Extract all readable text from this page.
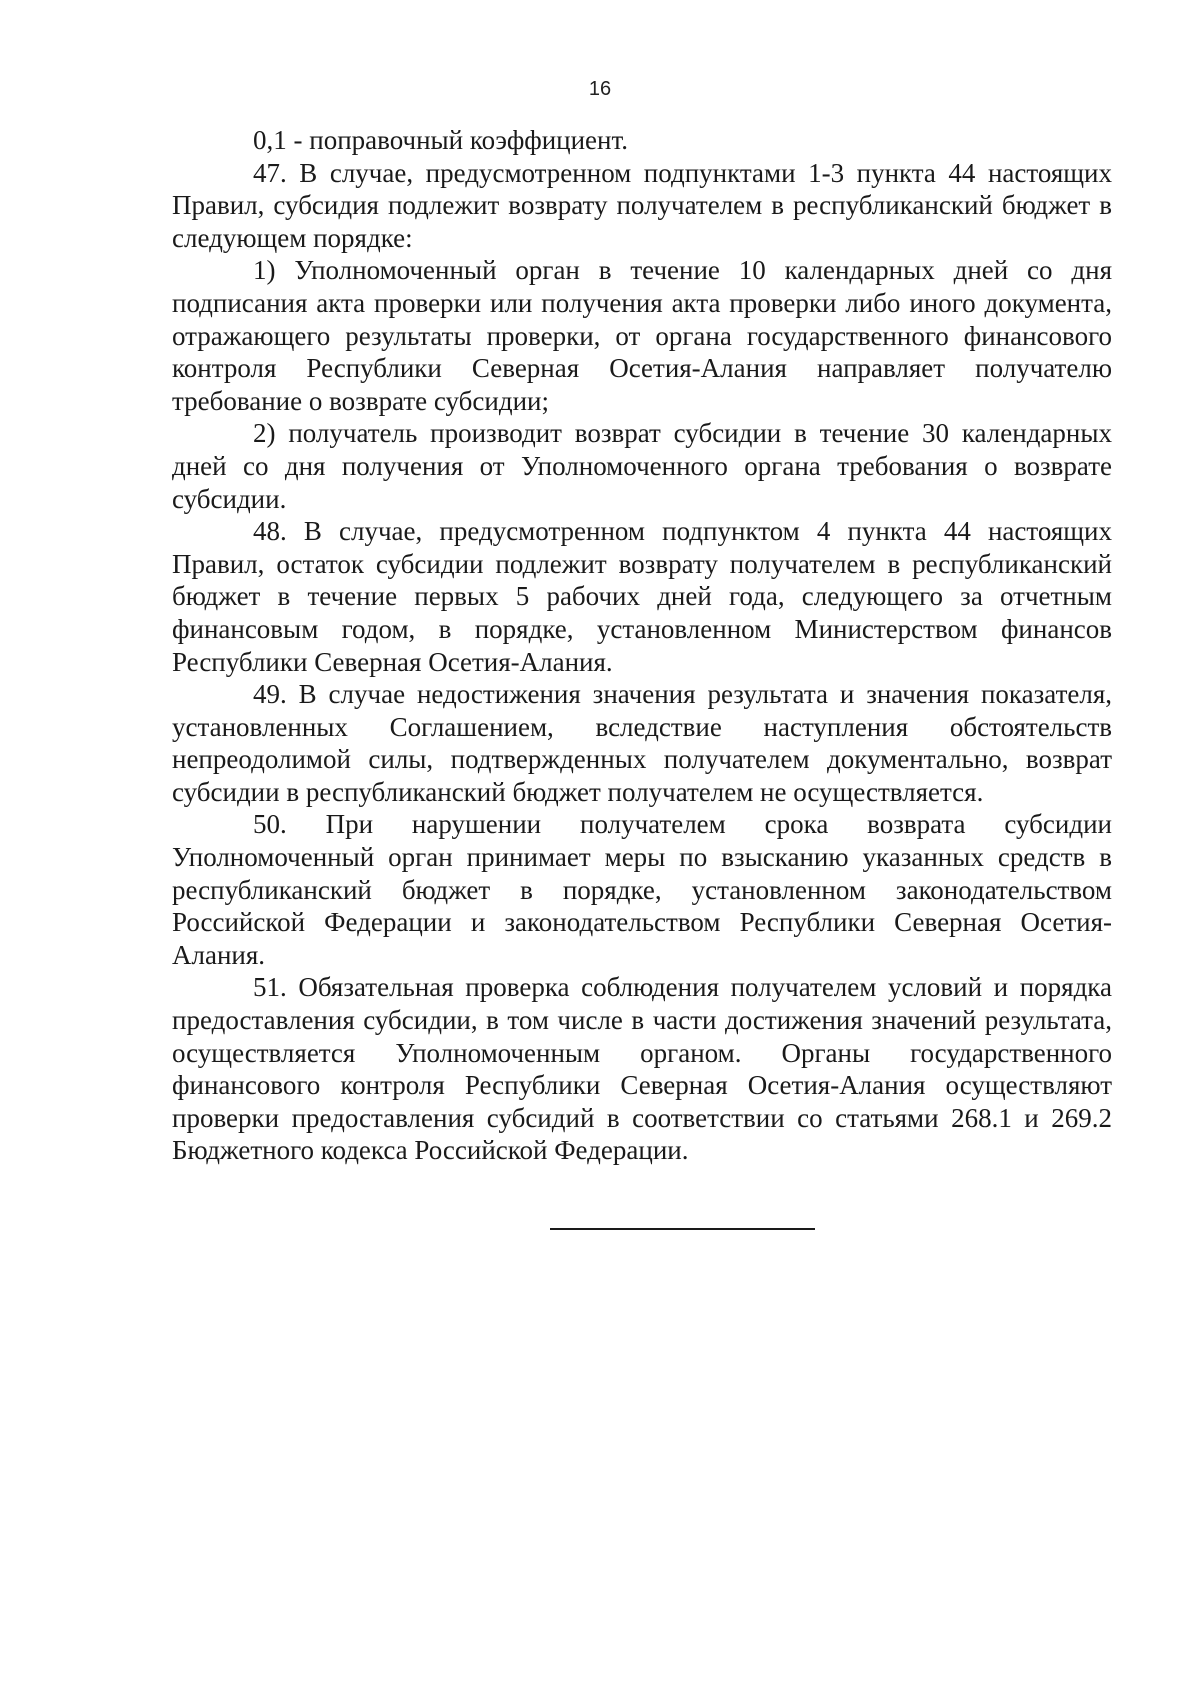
16

0,1 - поправочный коэффициент.

47. В случае, предусмотренном подпунктами 1-3 пункта 44 настоящих Правил, субсидия подлежит возврату получателем в республиканский бюджет в следующем порядке:

1) Уполномоченный орган в течение 10 календарных дней со дня подписания акта проверки или получения акта проверки либо иного документа, отражающего результаты проверки, от органа государственного финансового контроля Республики Северная Осетия-Алания направляет получателю требование о возврате субсидии;

2) получатель производит возврат субсидии в течение 30 календарных дней со дня получения от Уполномоченного органа требования о возврате субсидии.

48. В случае, предусмотренном подпунктом 4 пункта 44 настоящих Правил, остаток субсидии подлежит возврату получателем в республиканский бюджет в течение первых 5 рабочих дней года, следующего за отчетным финансовым годом, в порядке, установленном Министерством финансов Республики Северная Осетия-Алания.

49. В случае недостижения значения результата и значения показателя, установленных Соглашением, вследствие наступления обстоятельств непреодолимой силы, подтвержденных получателем документально, возврат субсидии в республиканский бюджет получателем не осуществляется.

50. При нарушении получателем срока возврата субсидии Уполномоченный орган принимает меры по взысканию указанных средств в республиканский бюджет в порядке, установленном законодательством Российской Федерации и законодательством Республики Северная Осетия-Алания.

51. Обязательная проверка соблюдения получателем условий и порядка предоставления субсидии, в том числе в части достижения значений результата, осуществляется Уполномоченным органом. Органы государственного финансового контроля Республики Северная Осетия-Алания осуществляют проверки предоставления субсидий в соответствии со статьями 268.1 и 269.2 Бюджетного кодекса Российской Федерации.
